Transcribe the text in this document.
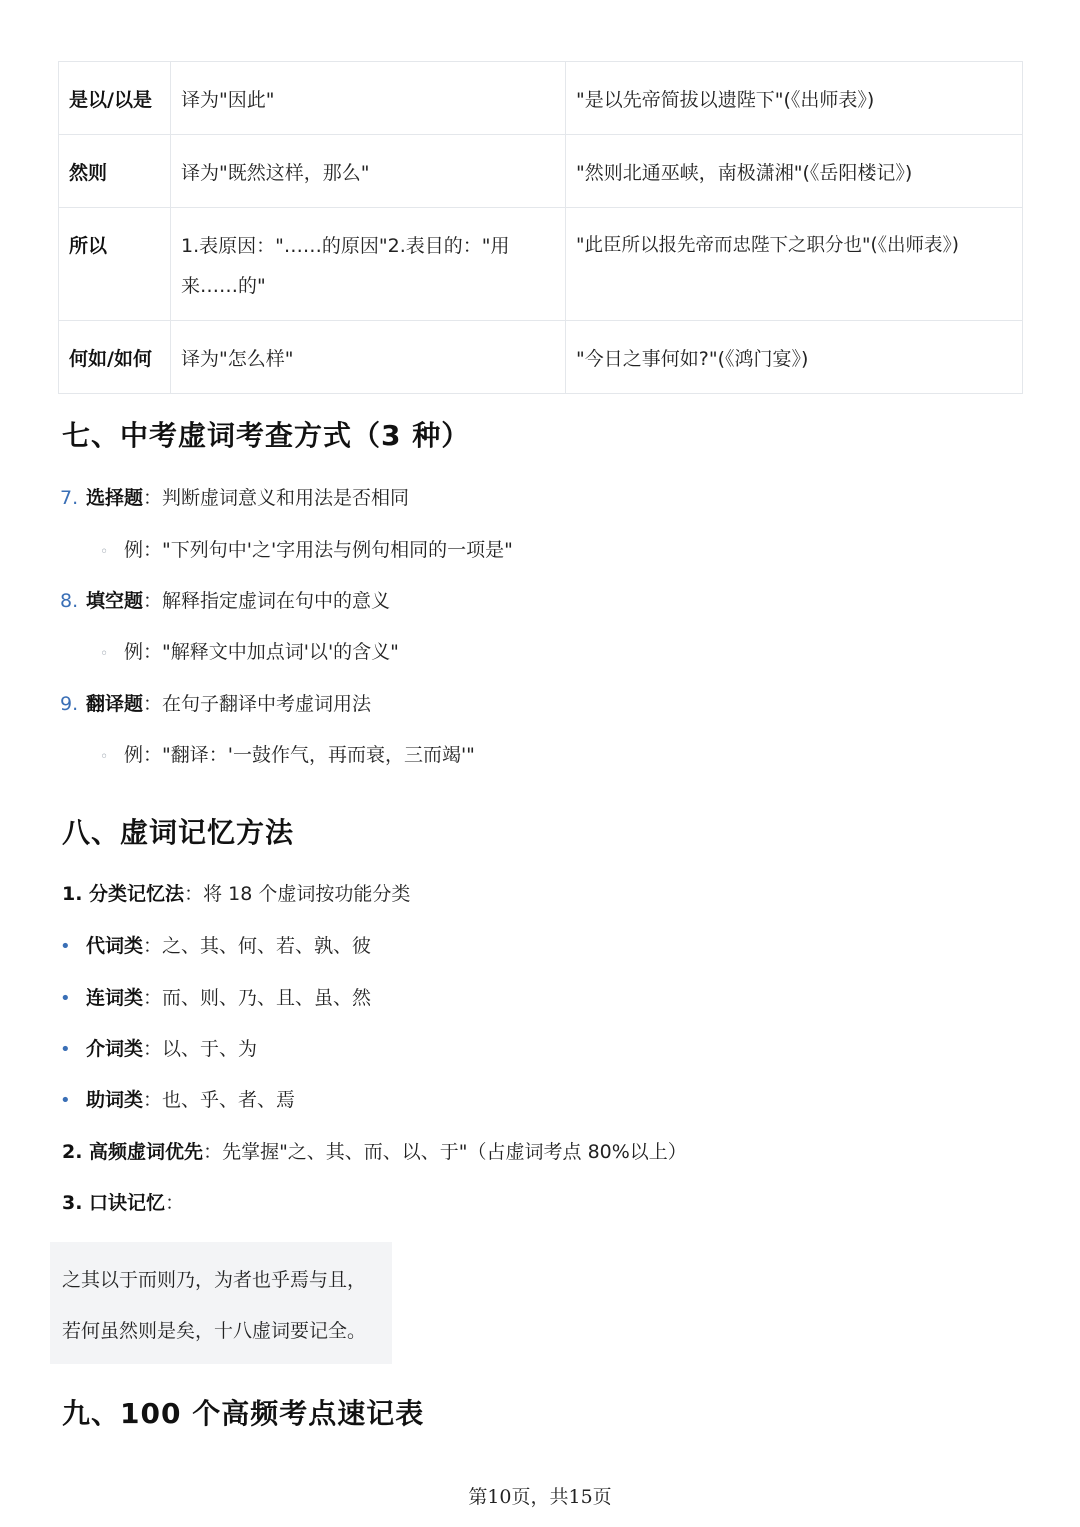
是以/以是	译为"因此"	"是以先帝简拔以遗陛下"(《出师表》)
然则	译为"既然这样，那么"	"然则北通巫峡，南极潇湘"(《岳阳楼记》)
所以	1.表原因："……的原因"2.表目的："用来……的"	"此臣所以报先帝而忠陛下之职分也"(《出师表》)
何如/如何	译为"怎么样"	"今日之事何如?"(《鸿门宴》)
七、中考虚词考查方式（3 种）
7. 选择题：判断虚词意义和用法是否相同
◦ 例："下列句中'之'字用法与例句相同的一项是"
8. 填空题：解释指定虚词在句中的意义
◦ 例："解释文中加点词'以'的含义"
9. 翻译题：在句子翻译中考虚词用法
◦ 例："翻译：'一鼓作气，再而衰，三而竭'"
八、虚词记忆方法
1. 分类记忆法：将 18 个虚词按功能分类
• 代词类：之、其、何、若、孰、彼
• 连词类：而、则、乃、且、虽、然
• 介词类：以、于、为
• 助词类：也、乎、者、焉
2. 高频虚词优先：先掌握"之、其、而、以、于"（占虚词考点 80%以上）
3. 口诀记忆：
之其以于而则乃，为者也乎焉与且，
若何虽然则是矣，十八虚词要记全。
九、100 个高频考点速记表
第10页，共15页
